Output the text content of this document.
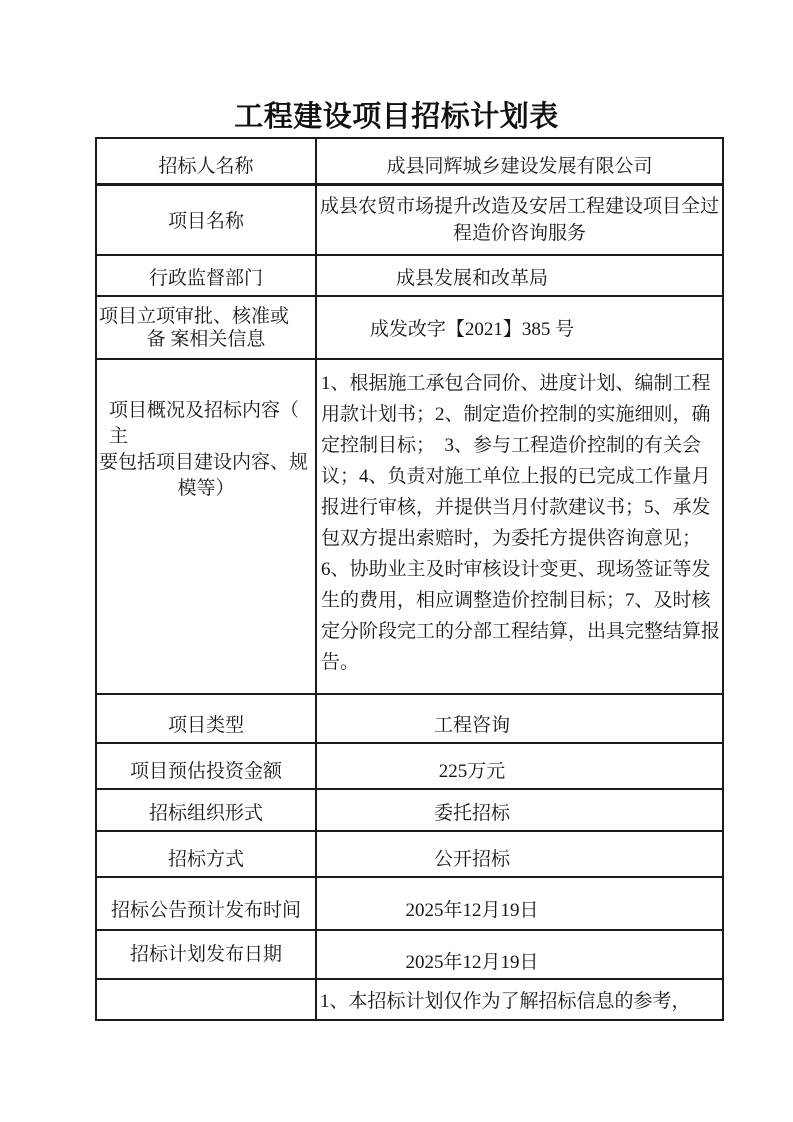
工程建设项目招标计划表
招标人名称	成县同辉城乡建设发展有限公司
项目名称	成县农贸市场提升改造及安居工程建设项目全过程造价咨询服务
行政监督部门	成县发展和改革局

项目立项审批、核准或
备 案相关信息	成发改字【2021】385 号

项目概况及招标内容（
主
要包括项目建设内容、规
模等）	1、根据施工承包合同价、进度计划、编制工程用款计划书；2、制定造价控制的实施细则，确定控制目标；  3、参与工程造价控制的有关会议；4、负责对施工单位上报的已完成工作量月报进行审核，并提供当月付款建议书；5、承发包双方提出索赔时，为委托方提供咨询意见；6、协助业主及时审核设计变更、现场签证等发生的费用，相应调整造价控制目标；7、及时核定分阶段完工的分部工程结算，出具完整结算报告。
项目类型	工程咨询
项目预估投资金额	225万元
招标组织形式	委托招标
招标方式	公开招标
招标公告预计发布时间	2025年12月19日
招标计划发布日期	2025年12月19日
	1、本招标计划仅作为了解招标信息的参考，
